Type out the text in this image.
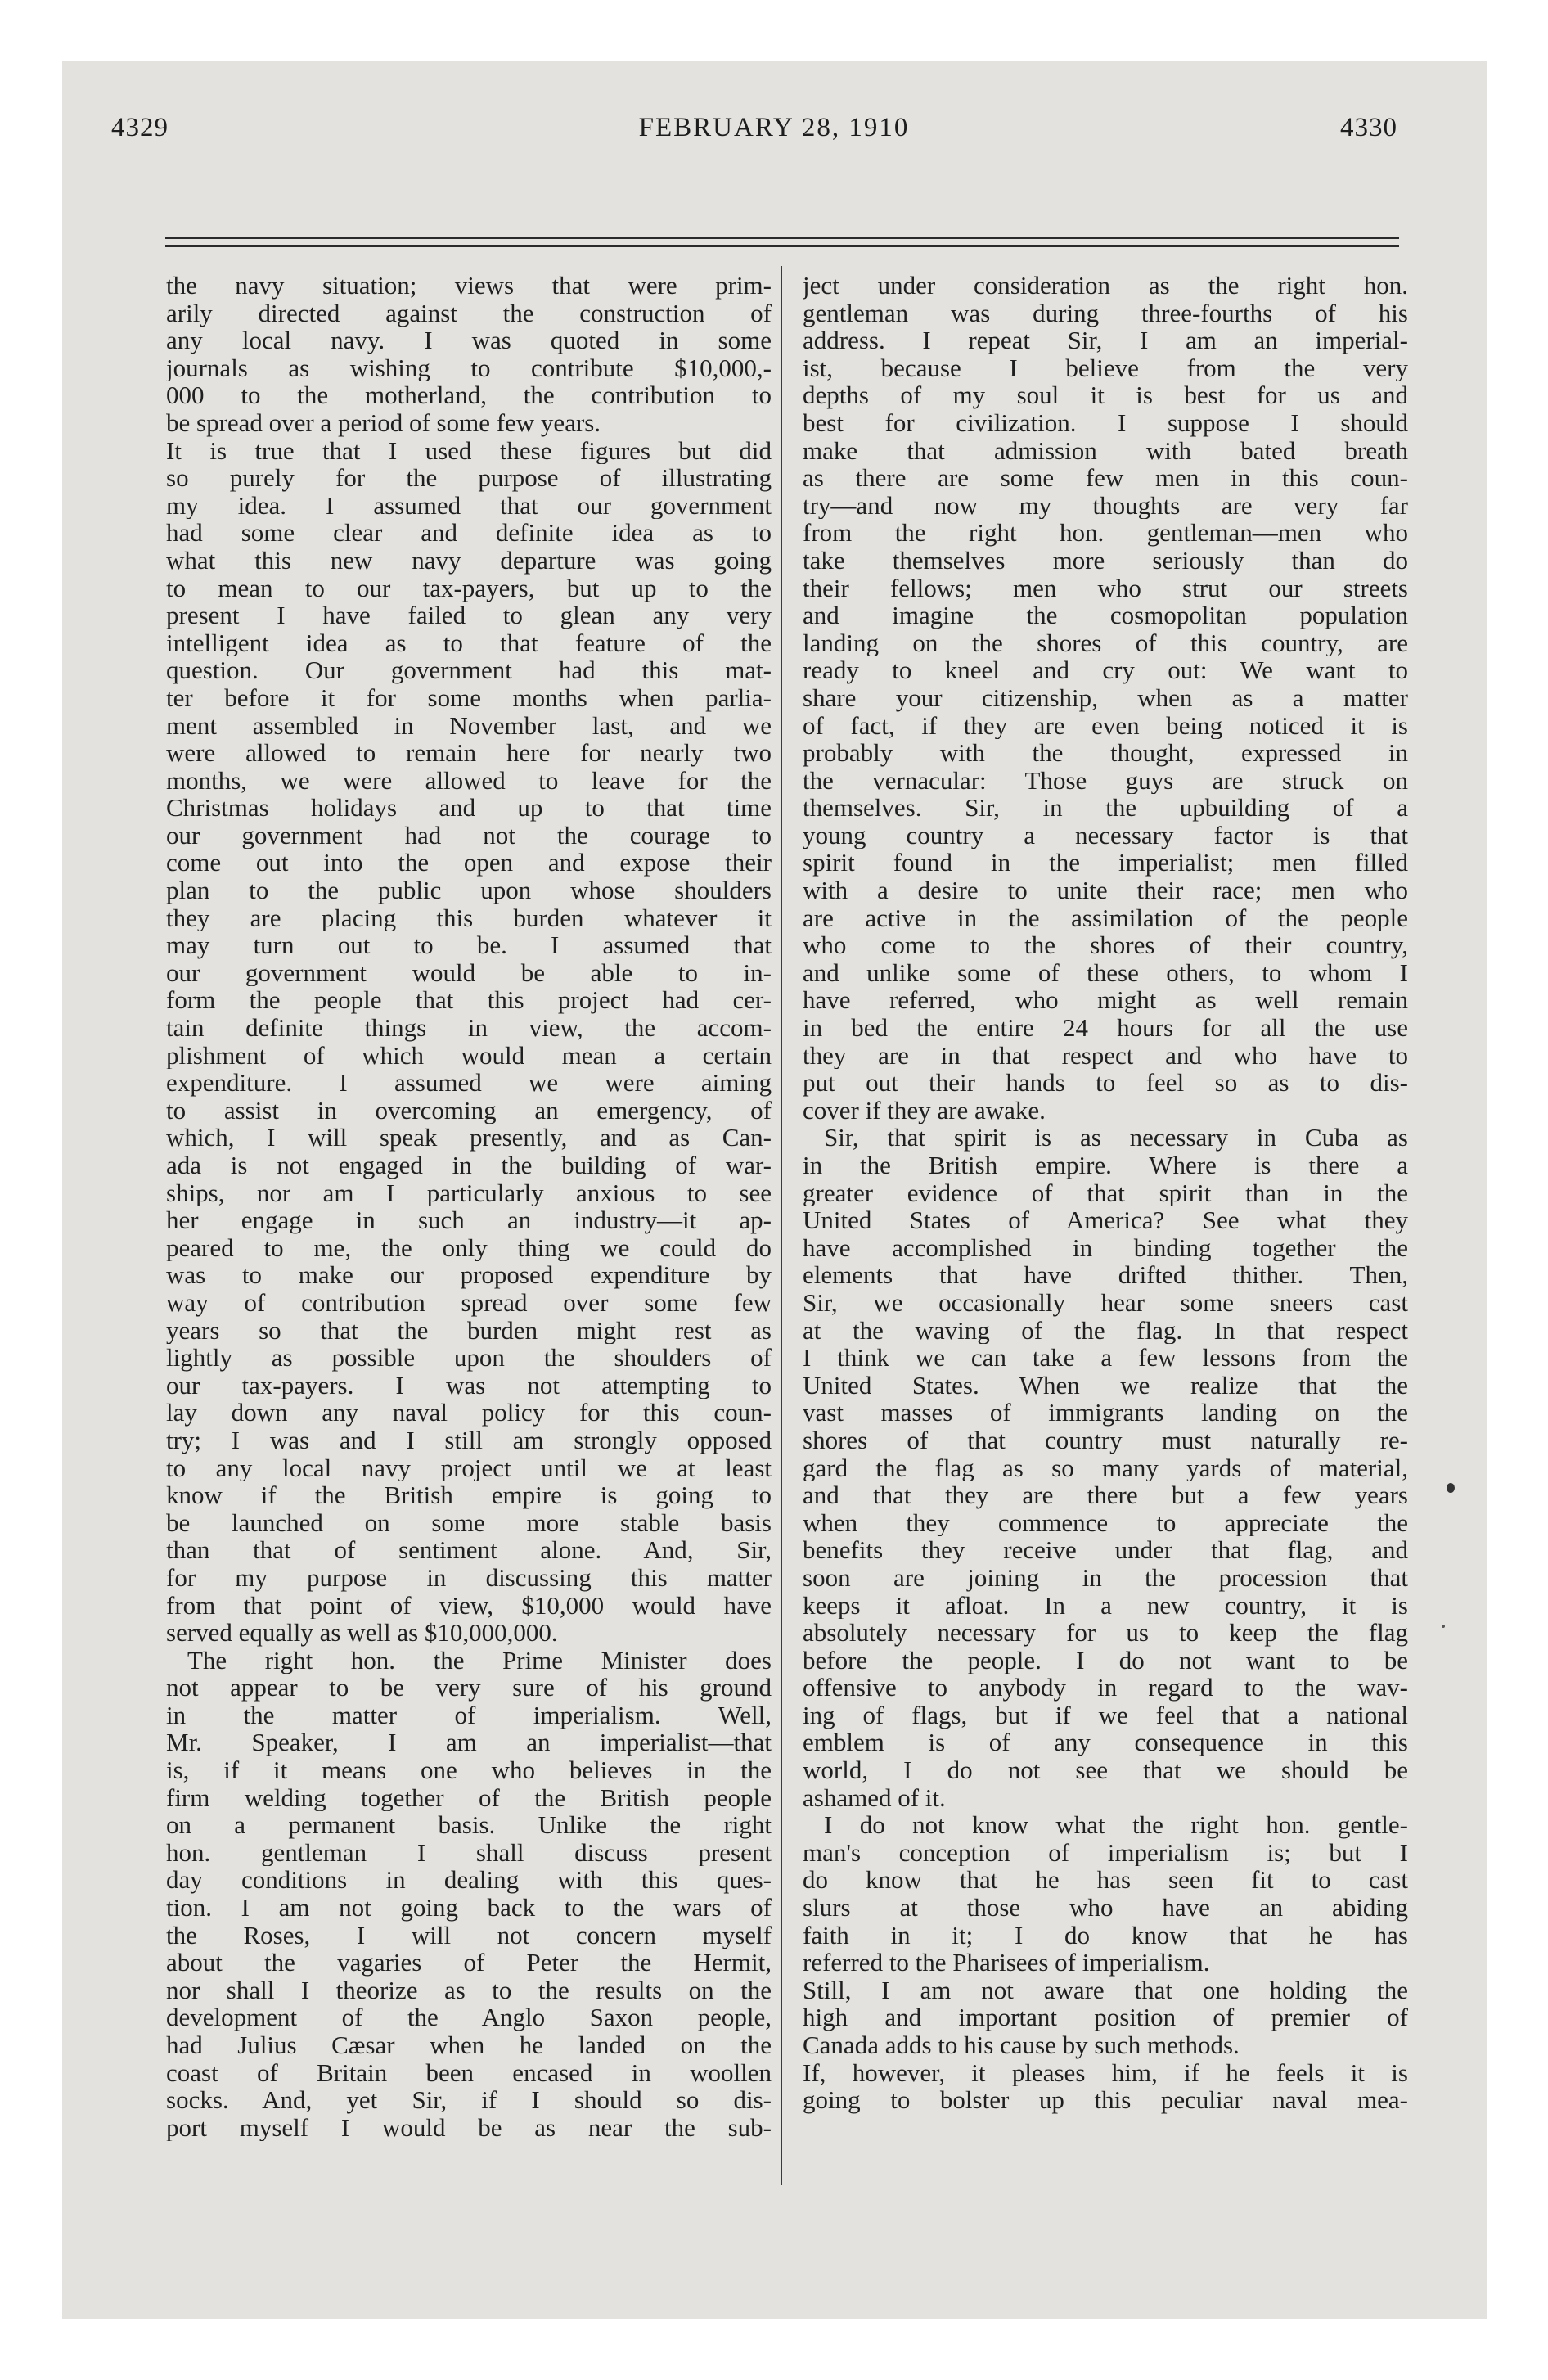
4329	FEBRUARY 28, 1910	4330
the navy situation; views that were prim-
arily directed against the construction of
any local navy. I was quoted in some
journals as wishing to contribute $10,000,-
000 to the motherland, the contribution to
be spread over a period of some few years.
It is true that I used these figures but did
so purely for the purpose of illustrating
my idea. I assumed that our government
had some clear and definite idea as to
what this new navy departure was going
to mean to our tax-payers, but up to the
present I have failed to glean any very
intelligent idea as to that feature of the
question. Our government had this mat-
ter before it for some months when parlia-
ment assembled in November last, and we
were allowed to remain here for nearly two
months, we were allowed to leave for the
Christmas holidays and up to that time
our government had not the courage to
come out into the open and expose their
plan to the public upon whose shoulders
they are placing this burden whatever it
may turn out to be. I assumed that
our government would be able to in-
form the people that this project had cer-
tain definite things in view, the accom-
plishment of which would mean a certain
expenditure. I assumed we were aiming
to assist in overcoming an emergency, of
which, I will speak presently, and as Can-
ada is not engaged in the building of war-
ships, nor am I particularly anxious to see
her engage in such an industry—it ap-
peared to me, the only thing we could do
was to make our proposed expenditure by
way of contribution spread over some few
years so that the burden might rest as
lightly as possible upon the shoulders of
our tax-payers. I was not attempting to
lay down any naval policy for this coun-
try; I was and I still am strongly opposed
to any local navy project until we at least
know if the British empire is going to
be launched on some more stable basis
than that of sentiment alone. And, Sir,
for my purpose in discussing this matter
from that point of view, $10,000 would have
served equally as well as $10,000,000.
The right hon. the Prime Minister does
not appear to be very sure of his ground
in the matter of imperialism. Well,
Mr. Speaker, I am an imperialist—that
is, if it means one who believes in the
firm welding together of the British people
on a permanent basis. Unlike the right
hon. gentleman I shall discuss present
day conditions in dealing with this ques-
tion. I am not going back to the wars of
the Roses, I will not concern myself
about the vagaries of Peter the Hermit,
nor shall I theorize as to the results on the
development of the Anglo Saxon people,
had Julius Cæsar when he landed on the
coast of Britain been encased in woollen
socks. And, yet Sir, if I should so dis-
port myself I would be as near the sub-
ject under consideration as the right hon.
gentleman was during three-fourths of his
address. I repeat Sir, I am an imperial-
ist, because I believe from the very
depths of my soul it is best for us and
best for civilization. I suppose I should
make that admission with bated breath
as there are some few men in this coun-
try—and now my thoughts are very far
from the right hon. gentleman—men who
take themselves more seriously than do
their fellows; men who strut our streets
and imagine the cosmopolitan population
landing on the shores of this country, are
ready to kneel and cry out: We want to
share your citizenship, when as a matter
of fact, if they are even being noticed it is
probably with the thought, expressed in
the vernacular: Those guys are struck on
themselves. Sir, in the upbuilding of a
young country a necessary factor is that
spirit found in the imperialist; men filled
with a desire to unite their race; men who
are active in the assimilation of the people
who come to the shores of their country,
and unlike some of these others, to whom I
have referred, who might as well remain
in bed the entire 24 hours for all the use
they are in that respect and who have to
put out their hands to feel so as to dis-
cover if they are awake.
Sir, that spirit is as necessary in Cuba as
in the British empire. Where is there a
greater evidence of that spirit than in the
United States of America? See what they
have accomplished in binding together the
elements that have drifted thither. Then,
Sir, we occasionally hear some sneers cast
at the waving of the flag. In that respect
I think we can take a few lessons from the
United States. When we realize that the
vast masses of immigrants landing on the
shores of that country must naturally re-
gard the flag as so many yards of material,
and that they are there but a few years
when they commence to appreciate the
benefits they receive under that flag, and
soon are joining in the procession that
keeps it afloat. In a new country, it is
absolutely necessary for us to keep the flag
before the people. I do not want to be
offensive to anybody in regard to the wav-
ing of flags, but if we feel that a national
emblem is of any consequence in this
world, I do not see that we should be
ashamed of it.
I do not know what the right hon. gentle-
man's conception of imperialism is; but I
do know that he has seen fit to cast
slurs at those who have an abiding
faith in it; I do know that he has
referred to the Pharisees of imperialism.
Still, I am not aware that one holding the
high and important position of premier of
Canada adds to his cause by such methods.
If, however, it pleases him, if he feels it is
going to bolster up this peculiar naval mea-
